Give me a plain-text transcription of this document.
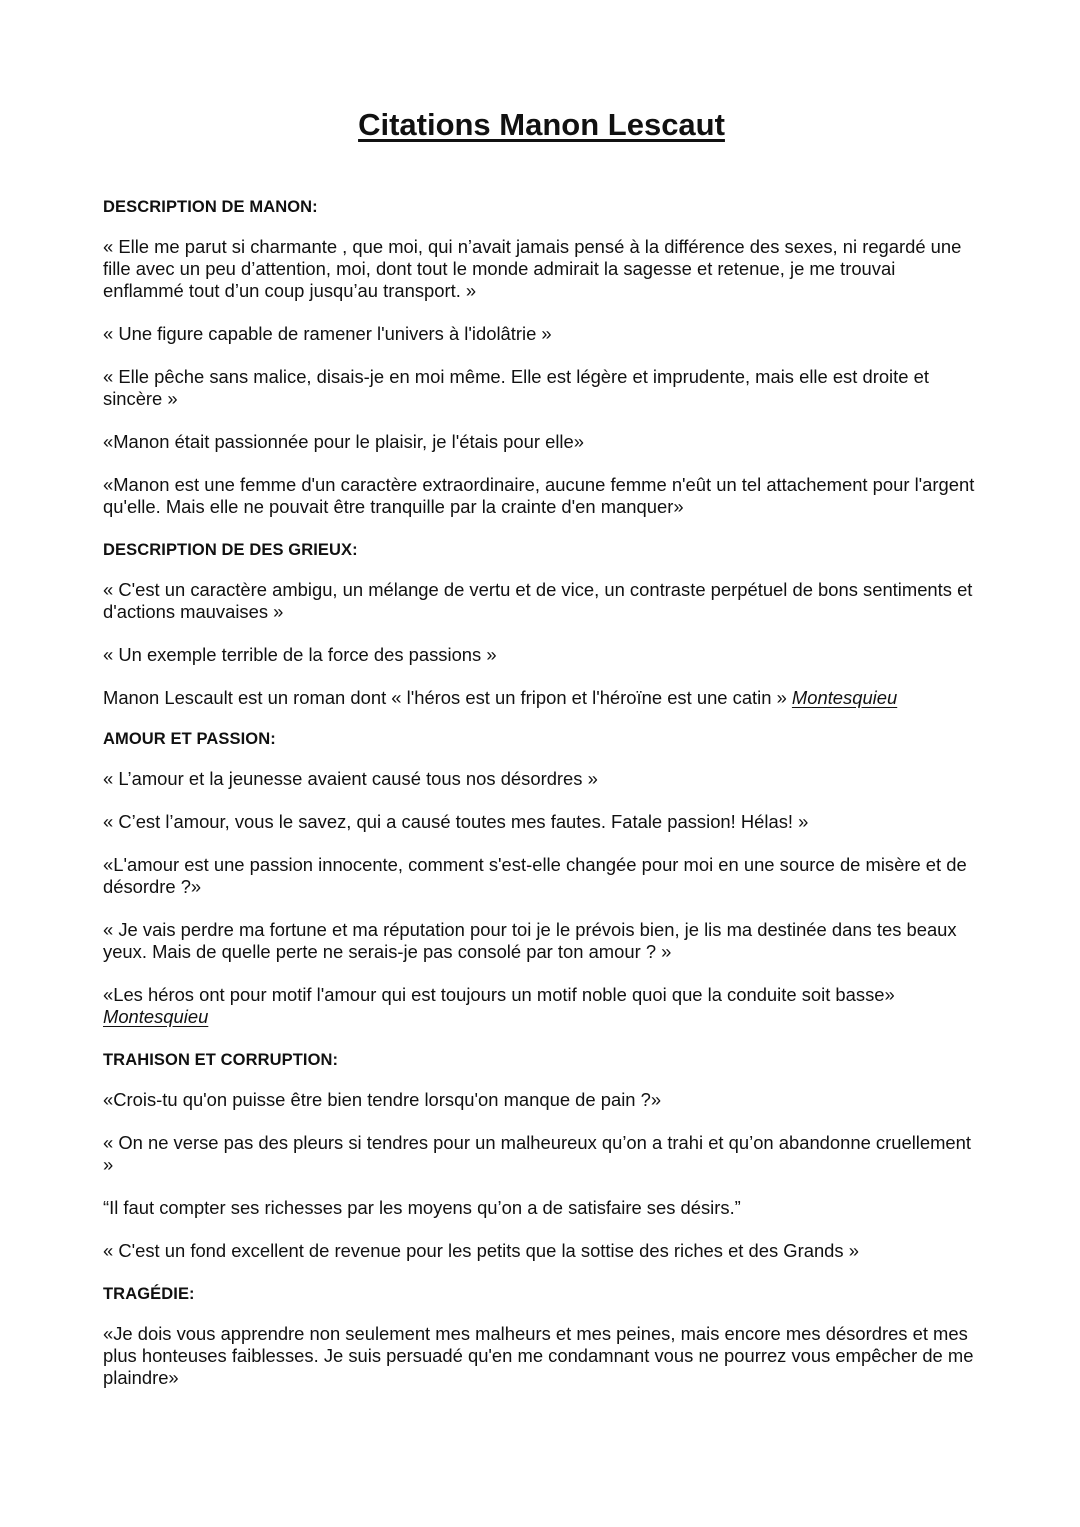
Citations Manon Lescaut
DESCRIPTION DE MANON:

« Elle me parut si charmante , que moi, qui n’avait jamais pensé à la différence des sexes, ni regardé une fille avec un peu d’attention, moi, dont tout le monde admirait la sagesse et retenue, je me trouvai enflammé tout d’un coup jusqu’au transport. »

« Une figure capable de ramener l'univers à l'idolâtrie »

« Elle pêche sans malice, disais-je en moi même. Elle est légère et imprudente, mais elle est droite et sincère »

«Manon était passionnée pour le plaisir, je l'étais pour elle»

«Manon est une femme d'un caractère extraordinaire, aucune femme n'eût un tel attachement pour l'argent qu'elle. Mais elle ne pouvait être tranquille par la crainte d'en manquer»

DESCRIPTION DE DES GRIEUX:

« C'est un caractère ambigu, un mélange de vertu et de vice, un contraste perpétuel de bons sentiments et d'actions mauvaises »

« Un exemple terrible de la force des passions »

Manon Lescault est un roman dont « l'héros est un fripon et l'héroïne est une catin » Montesquieu

AMOUR ET PASSION:

« L’amour et la jeunesse avaient causé tous nos désordres »

« C’est l’amour, vous le savez, qui a causé toutes mes fautes. Fatale passion! Hélas! »

«L'amour est une passion innocente, comment s'est-elle changée pour moi en une source de misère et de désordre ?»

« Je vais perdre ma fortune et ma réputation pour toi je le prévois bien, je lis ma destinée dans tes beaux yeux. Mais de quelle perte ne serais-je pas consolé par ton amour ? »

«Les héros ont pour motif l'amour qui est toujours un motif noble quoi que la conduite soit basse» Montesquieu

TRAHISON ET CORRUPTION:

«Crois-tu qu'on puisse être bien tendre lorsqu'on manque de pain ?»

« On ne verse pas des pleurs si tendres pour un malheureux qu’on a trahi et qu’on abandonne cruellement »

“Il faut compter ses richesses par les moyens qu’on a de satisfaire ses désirs.”

« C'est un fond excellent de revenue pour les petits que la sottise des riches et des Grands »

TRAGÉDIE:

«Je dois vous apprendre non seulement mes malheurs et mes peines, mais encore mes désordres et mes plus honteuses faiblesses. Je suis persuadé qu'en me condamnant vous ne pourrez vous empêcher de me plaindre»
